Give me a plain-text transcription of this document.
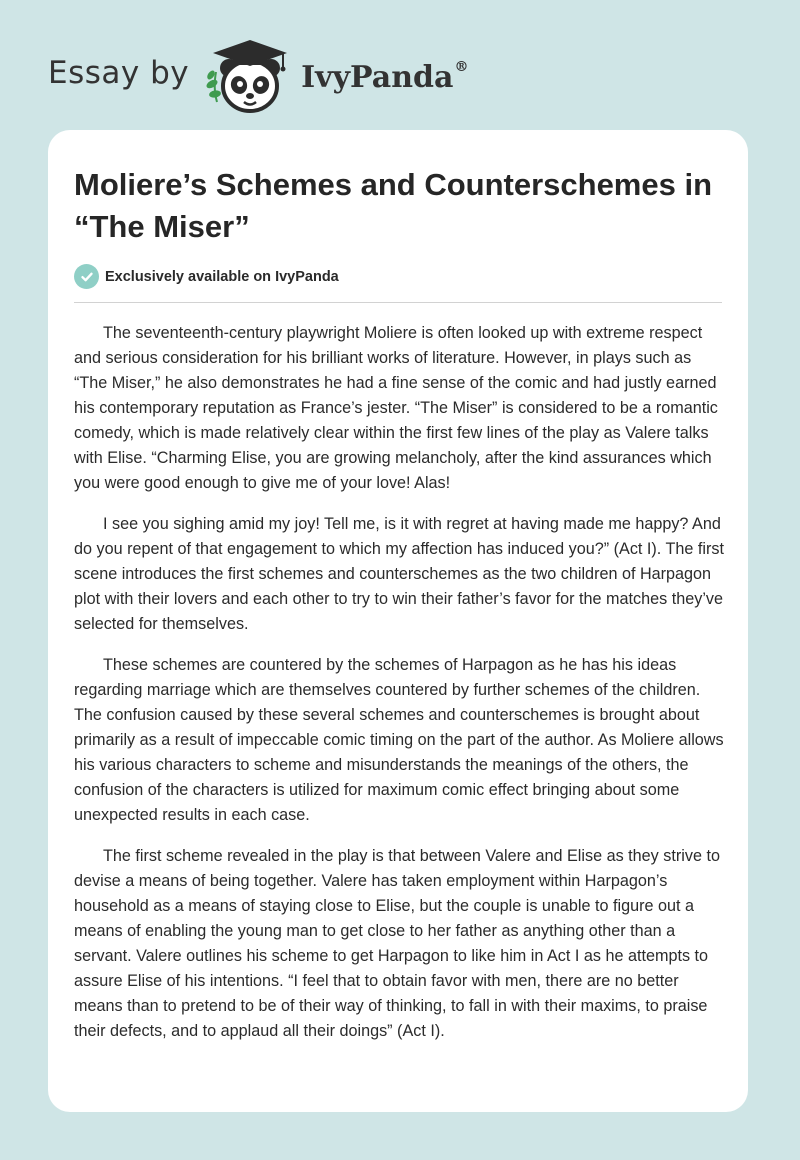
Essay by	IvyPanda®
Moliere’s Schemes and Counterschemes in “The Miser”
Exclusively available on IvyPanda

The seventeenth-century playwright Moliere is often looked up with extreme respect and serious consideration for his brilliant works of literature. However, in plays such as “The Miser,” he also demonstrates he had a fine sense of the comic and had justly earned his contemporary reputation as France’s jester. “The Miser” is considered to be a romantic comedy, which is made relatively clear within the first few lines of the play as Valere talks with Elise. “Charming Elise, you are growing melancholy, after the kind assurances which you were good enough to give me of your love! Alas!

I see you sighing amid my joy! Tell me, is it with regret at having made me happy? And do you repent of that engagement to which my affection has induced you?” (Act I). The first scene introduces the first schemes and counterschemes as the two children of Harpagon plot with their lovers and each other to try to win their father’s favor for the matches they’ve selected for themselves.

These schemes are countered by the schemes of Harpagon as he has his ideas regarding marriage which are themselves countered by further schemes of the children. The confusion caused by these several schemes and counterschemes is brought about primarily as a result of impeccable comic timing on the part of the author. As Moliere allows his various characters to scheme and misunderstands the meanings of the others, the confusion of the characters is utilized for maximum comic effect bringing about some unexpected results in each case.

The first scheme revealed in the play is that between Valere and Elise as they strive to devise a means of being together. Valere has taken employment within Harpagon’s household as a means of staying close to Elise, but the couple is unable to figure out a means of enabling the young man to get close to her father as anything other than a servant. Valere outlines his scheme to get Harpagon to like him in Act I as he attempts to assure Elise of his intentions. “I feel that to obtain favor with men, there are no better means than to pretend to be of their way of thinking, to fall in with their maxims, to praise their defects, and to applaud all their doings” (Act I).
